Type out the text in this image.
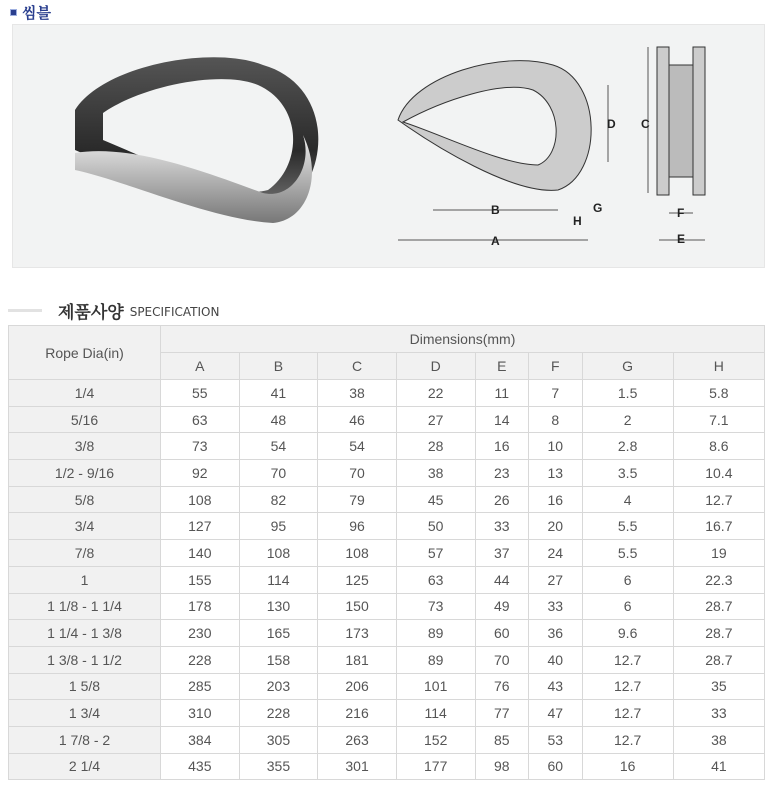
씸블
A
B
C
D
E
F
G
H
제품사양 SPECIFICATION
Rope Dia(in)	Dimensions(mm)							
	A	B	C	D	E	F	G	H
1/4	55	41	38	22	11	7	1.5	5.8
5/16	63	48	46	27	14	8	2	7.1
3/8	73	54	54	28	16	10	2.8	8.6
1/2 - 9/16	92	70	70	38	23	13	3.5	10.4
5/8	108	82	79	45	26	16	4	12.7
3/4	127	95	96	50	33	20	5.5	16.7
7/8	140	108	108	57	37	24	5.5	19
1	155	114	125	63	44	27	6	22.3
1 1/8 - 1 1/4	178	130	150	73	49	33	6	28.7
1 1/4 - 1 3/8	230	165	173	89	60	36	9.6	28.7
1 3/8 - 1 1/2	228	158	181	89	70	40	12.7	28.7
1 5/8	285	203	206	101	76	43	12.7	35
1 3/4	310	228	216	114	77	47	12.7	33
1 7/8 - 2	384	305	263	152	85	53	12.7	38
2 1/4	435	355	301	177	98	60	16	41
